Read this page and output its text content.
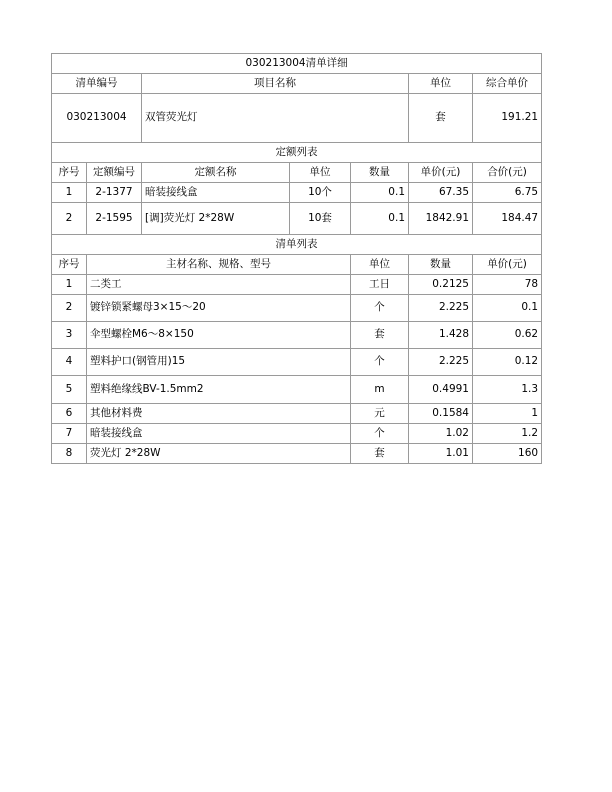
030213004清单详细							
清单编号		项目名称			单位	综合单价	
030213004		双管荧光灯			套	191.21	
定额列表							
序号	定额编号	定额名称	单位	数量	单价(元)	合价(元)	
1	2-1377	暗装接线盒	10个	0.1	67.35	6.75	
2	2-1595	[调]荧光灯 2*28W	10套	0.1	1842.91	184.47	
清单列表							
序号	主材名称、规格、型号			单位	数量	单价(元)	
1	二类工			工日	0.2125	78	
2	镀锌锁紧螺母3×15～20			个	2.225	0.1	
3	伞型螺栓M6～8×150			套	1.428	0.62	
4	塑料护口(钢管用)15			个	2.225	0.12	
5	塑料绝缘线BV-1.5mm2			m	0.4991	1.3	
6	其他材料费			元	0.1584	1	
7	暗装接线盒			个	1.02	1.2	
8	荧光灯 2*28W			套	1.01	160	
